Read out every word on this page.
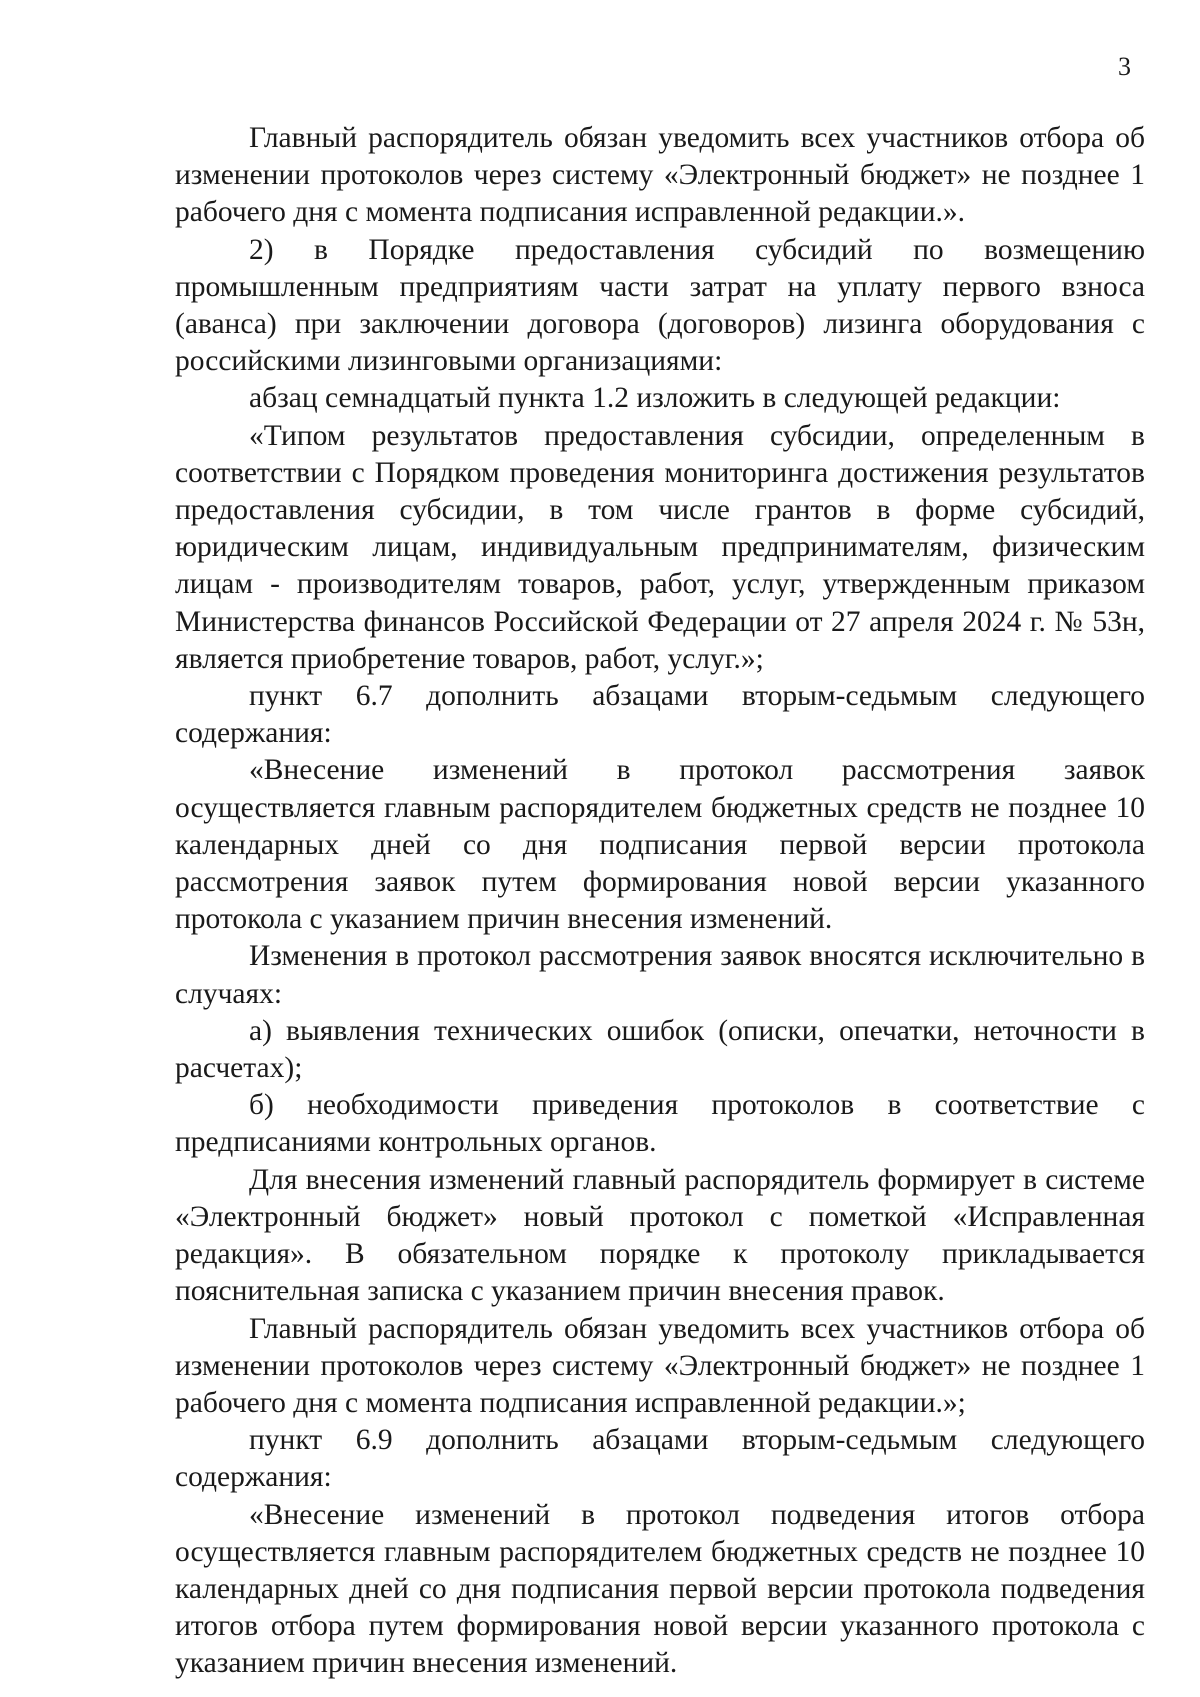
3

Главный распорядитель обязан уведомить всех участников отбора об изменении протоколов через систему «Электронный бюджет» не позднее 1 рабочего дня с момента подписания исправленной редакции.».

2) в Порядке предоставления субсидий по возмещению промышленным предприятиям части затрат на уплату первого взноса (аванса) при заключении договора (договоров) лизинга оборудования с российскими лизинговыми организациями:

абзац семнадцатый пункта 1.2 изложить в следующей редакции:

«Типом результатов предоставления субсидии, определенным в соответствии с Порядком проведения мониторинга достижения результатов предоставления субсидии, в том числе грантов в форме субсидий, юридическим лицам, индивидуальным предпринимателям, физическим лицам - производителям товаров, работ, услуг, утвержденным приказом Министерства финансов Российской Федерации от 27 апреля 2024 г. № 53н, является приобретение товаров, работ, услуг.»;

пункт 6.7 дополнить абзацами вторым-седьмым следующего содержания:

«Внесение изменений в протокол рассмотрения заявок осуществляется главным распорядителем бюджетных средств не позднее 10 календарных дней со дня подписания первой версии протокола рассмотрения заявок путем формирования новой версии указанного протокола с указанием причин внесения изменений.

Изменения в протокол рассмотрения заявок вносятся исключительно в случаях:

а) выявления технических ошибок (описки, опечатки, неточности в расчетах);

б) необходимости приведения протоколов в соответствие с предписаниями контрольных органов.

Для внесения изменений главный распорядитель формирует в системе «Электронный бюджет» новый протокол с пометкой «Исправленная редакция». В обязательном порядке к протоколу прикладывается пояснительная записка с указанием причин внесения правок.

Главный распорядитель обязан уведомить всех участников отбора об изменении протоколов через систему «Электронный бюджет» не позднее 1 рабочего дня с момента подписания исправленной редакции.»;

пункт 6.9 дополнить абзацами вторым-седьмым следующего содержания:

«Внесение изменений в протокол подведения итогов отбора осуществляется главным распорядителем бюджетных средств не позднее 10 календарных дней со дня подписания первой версии протокола подведения итогов отбора путем формирования новой версии указанного протокола с указанием причин внесения изменений.
